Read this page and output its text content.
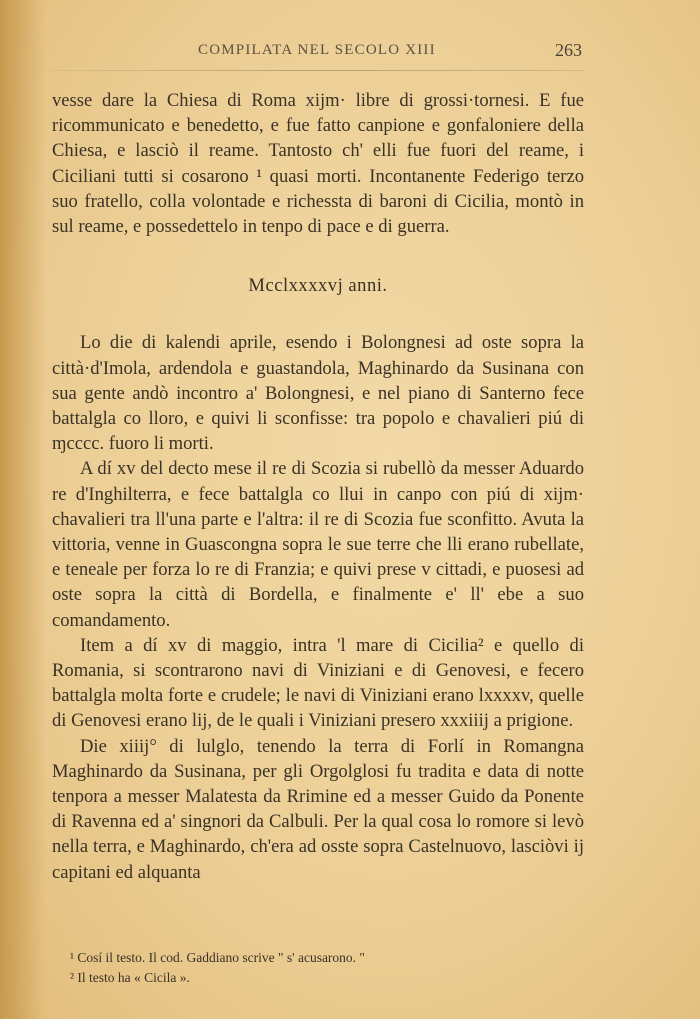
COMPILATA NEL SECOLO XIII	263

vesse dare la Chiesa di Roma xijm· libre di grossi·tornesi. E fue ricommunicato e benedetto, e fue fatto canpione e gonfaloniere della Chiesa, e lasciò il reame. Tantosto ch' elli fue fuori del reame, i Ciciliani tutti si cosarono ¹ quasi morti. Incontanente Federigo terzo suo fratello, colla volontade e richessta di baroni di Cicilia, montò in sul reame, e possedettelo in tenpo di pace e di guerra.

Mcclxxxxvj anni.

Lo die di kalendi aprile, esendo i Bolongnesi ad oste sopra la città·d'Imola, ardendola e guastandola, Maghinardo da Susinana con sua gente andò incontro a' Bolongnesi, e nel piano di Santerno fece battalgla co lloro, e quivi li sconfisse: tra popolo e chavalieri piú di ɱcccc. fuoro li morti.

A dí xv del decto mese il re di Scozia si rubellò da messer Aduardo re d'Inghilterra, e fece battalgla co llui in canpo con piú di xijm· chavalieri tra ll'una parte e l'altra: il re di Scozia fue sconfitto. Avuta la vittoria, venne in Guascongna sopra le sue terre che lli erano rubellate, e teneale per forza lo re di Franzia; e quivi prese v cittadi, e puosesi ad oste sopra la città di Bordella, e finalmente e' ll' ebe a suo comandamento.

Item a dí xv di maggio, intra 'l mare di Cicilia² e quello di Romania, si scontrarono navi di Viniziani e di Genovesi, e fecero battalgla molta forte e crudele; le navi di Viniziani erano lxxxxv, quelle di Genovesi erano lij, de le quali i Viniziani presero xxxiiij a prigione.

Die xiiij° di lulglo, tenendo la terra di Forlí in Romangna Maghinardo da Susinana, per gli Orgolglosi fu tradita e data di notte tenpora a messer Malatesta da Rrimine ed a messer Guido da Ponente di Ravenna ed a' singnori da Calbuli. Per la qual cosa lo romore si levò nella terra, e Maghinardo, ch'era ad osste sopra Castelnuovo, lasciòvi ij capitani ed alquanta

¹ Cosí il testo. Il cod. Gaddiano scrive " s' acusarono. "

² Il testo ha « Cicila ».
